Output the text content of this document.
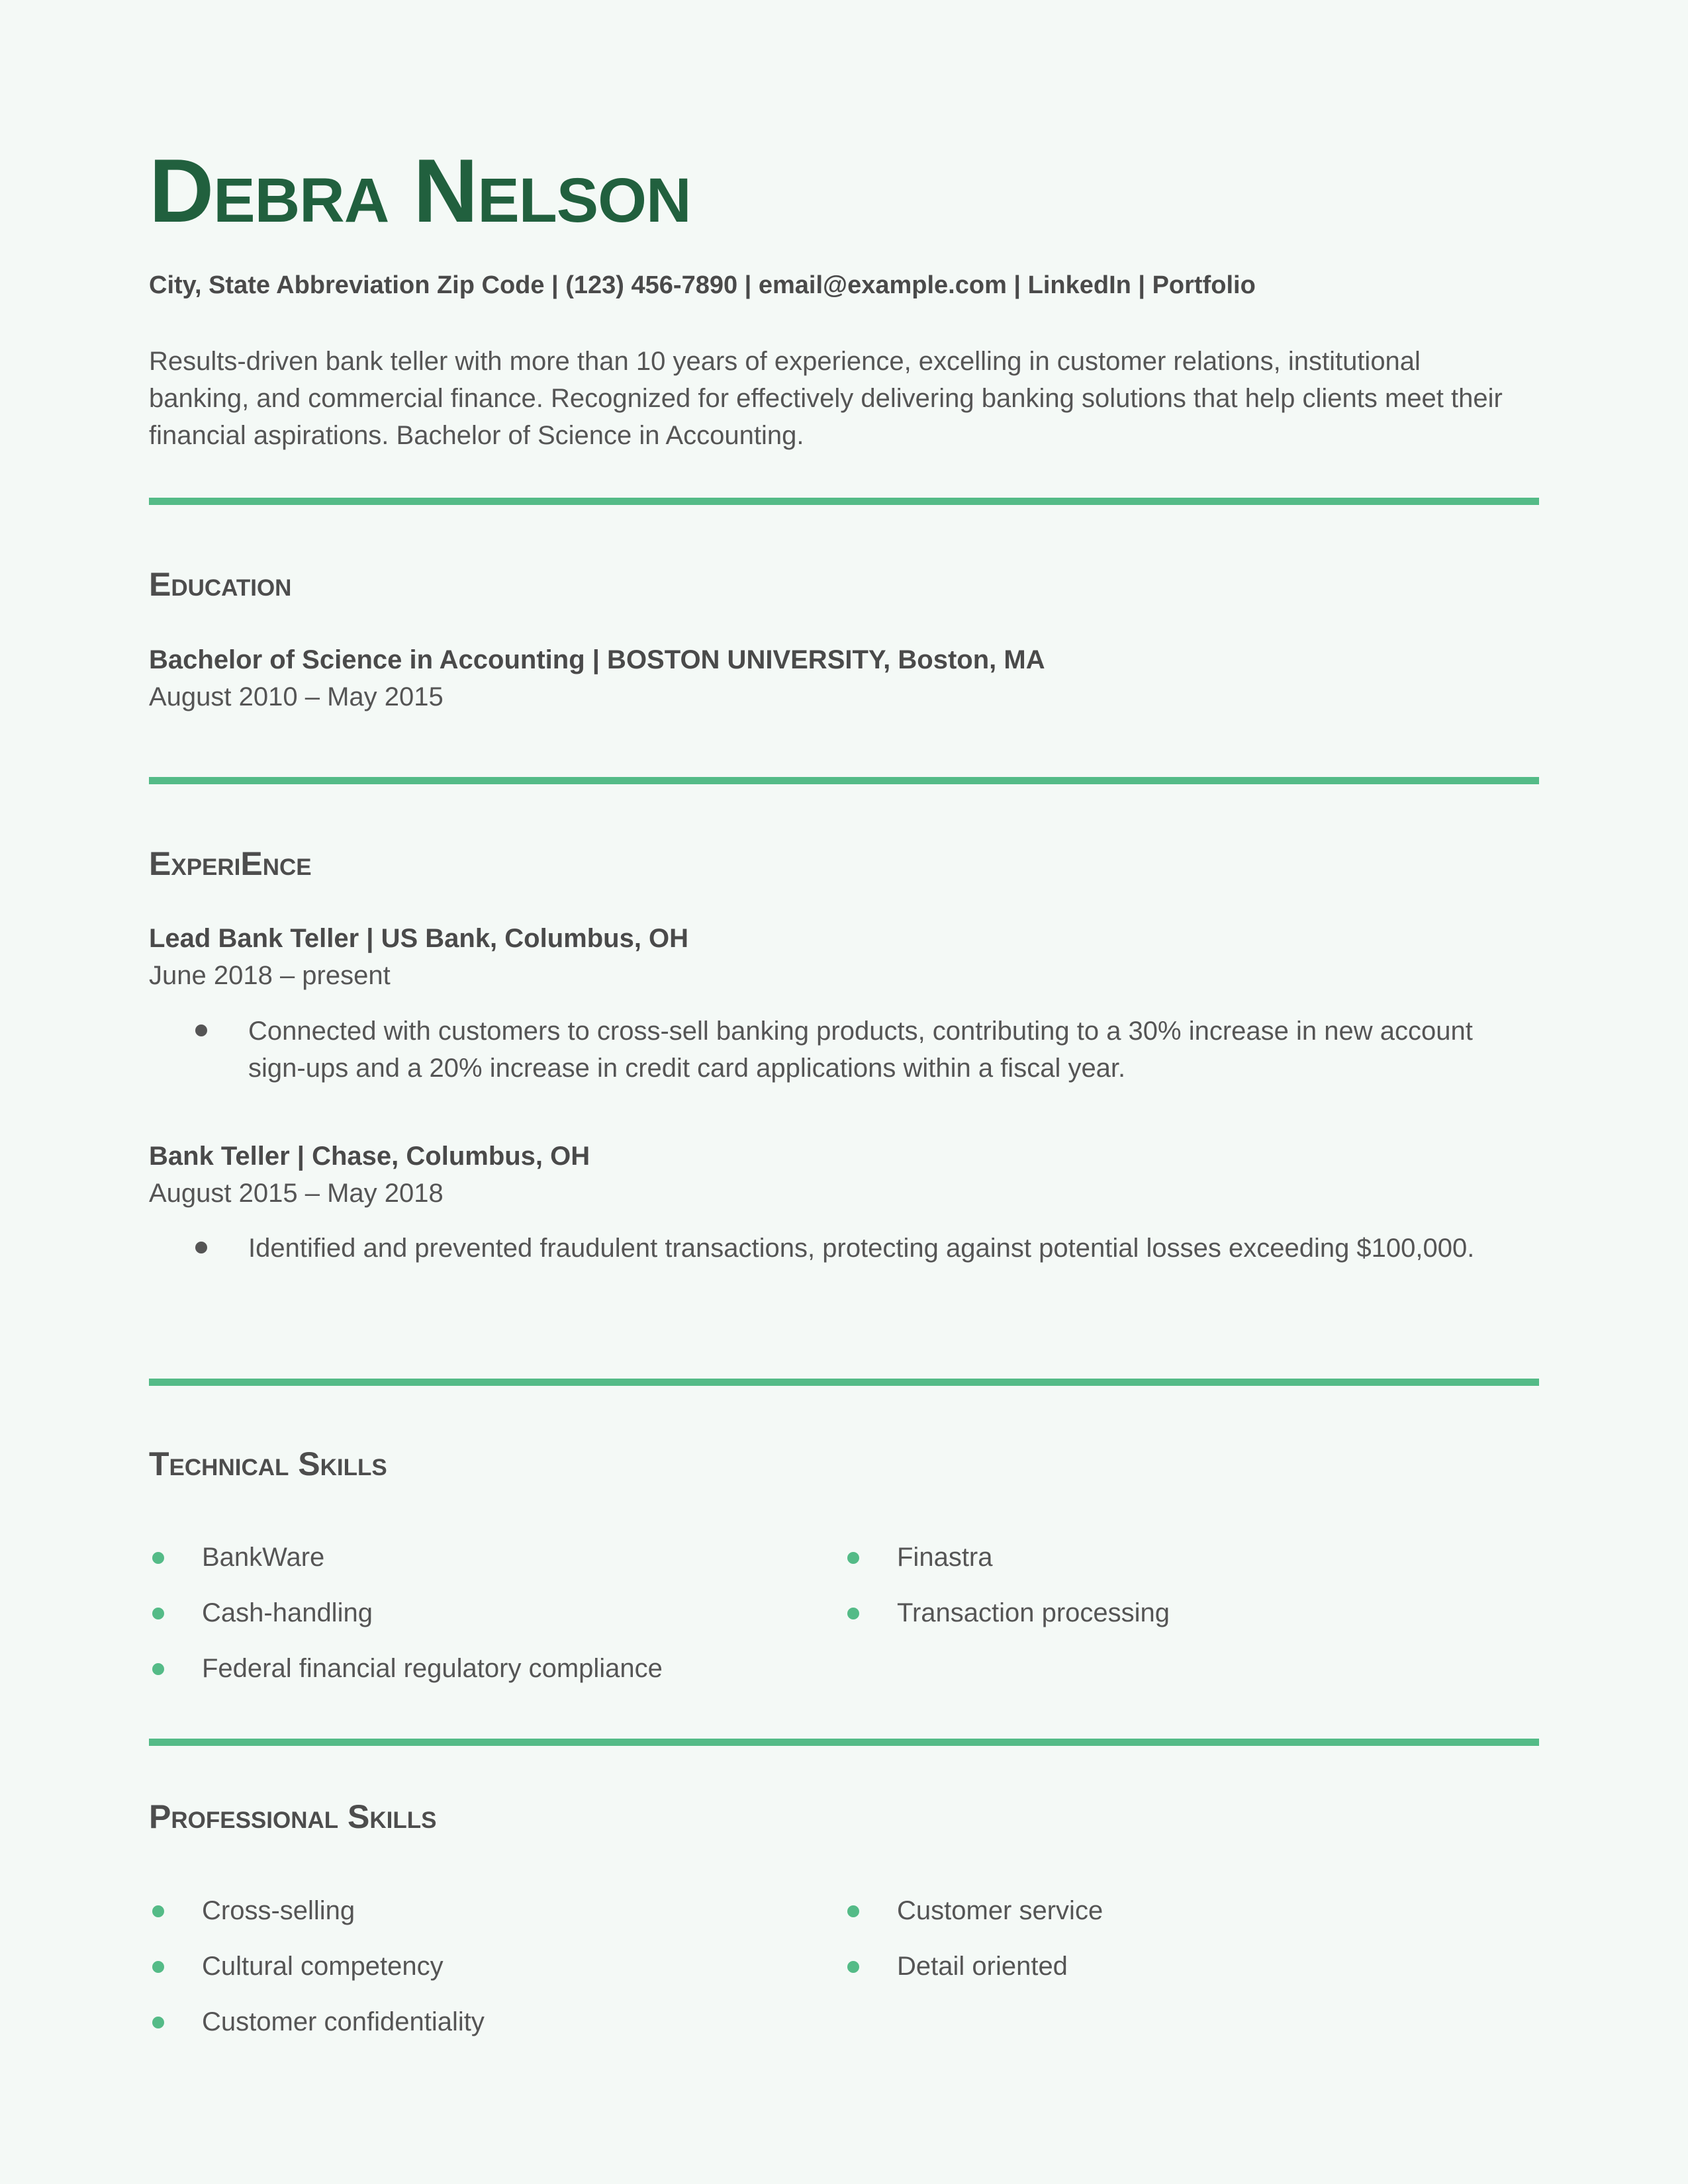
Debra Nelson
City, State Abbreviation Zip Code | (123) 456-7890 | email@example.com | LinkedIn | Portfolio
Results-driven bank teller with more than 10 years of experience, excelling in customer relations, institutional banking, and commercial finance. Recognized for effectively delivering banking solutions that help clients meet their financial aspirations. Bachelor of Science in Accounting.
Education
Bachelor of Science in Accounting | BOSTON UNIVERSITY, Boston, MA
August 2010 – May 2015
ExperiEnce
Lead Bank Teller | US Bank, Columbus, OH
June 2018 – present
Connected with customers to cross-sell banking products, contributing to a 30% increase in new account sign-ups and a 20% increase in credit card applications within a fiscal year.
Bank Teller | Chase, Columbus, OH
August 2015 – May 2018
Identified and prevented fraudulent transactions, protecting against potential losses exceeding $100,000.
Technical Skills
BankWare
Cash-handling
Federal financial regulatory compliance
Finastra
Transaction processing
Professional Skills
Cross-selling
Cultural competency
Customer confidentiality
Customer service
Detail oriented
